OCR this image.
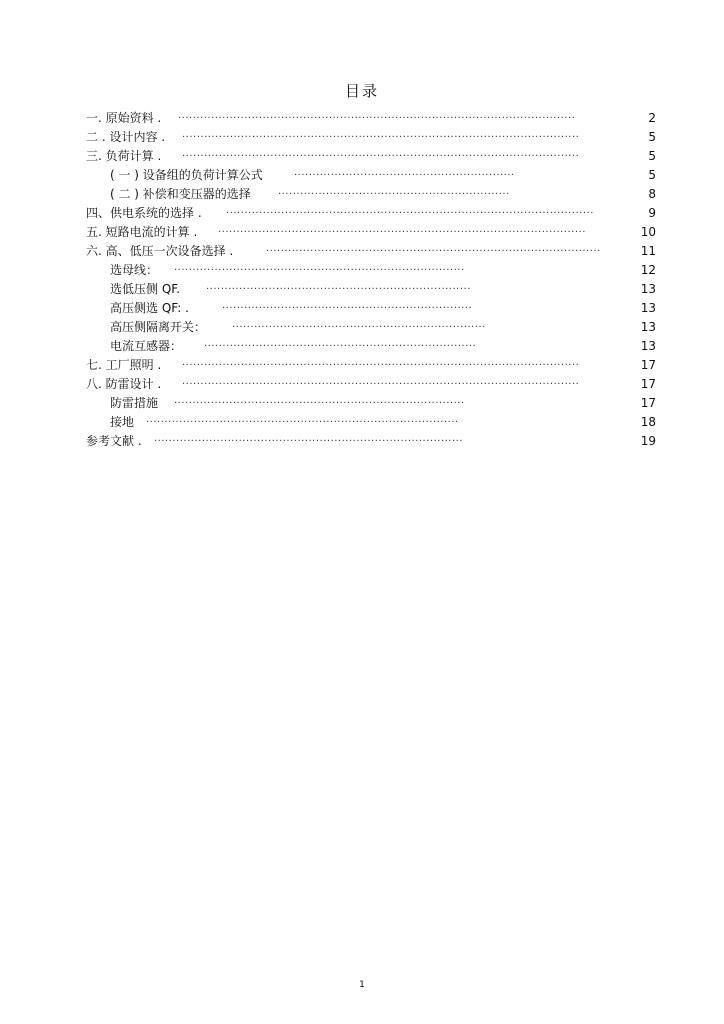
目录
一. 原始资料 . ............................................................................................................	2
二 . 设计内容 . ............................................................................................................	5
三. 负荷计算 . ............................................................................................................	5
( 一 ) 设备组的负荷计算公式	............................................................	5
( 二 ) 补偿和变压器的选择	...............................................................	8
四、供电系统的选择 . ....................................................................................................	9
五. 短路电流的计算 . ....................................................................................................	10
六. 高、低压一次设备选择 .	...........................................................................................	11
选母线： ...............................................................................	12
选低压侧 QF.	........................................................................	13
高压侧选 QF: .	....................................................................	13
高压侧隔离开关：	.....................................................................	13
电流互感器： ..........................................................................	13
七. 工厂照明 . ............................................................................................................	17
八. 防雷设计 . ............................................................................................................	17
防雷措施 ...............................................................................	17
接地 .....................................................................................	18
参考文献 . ....................................................................................	19
1
